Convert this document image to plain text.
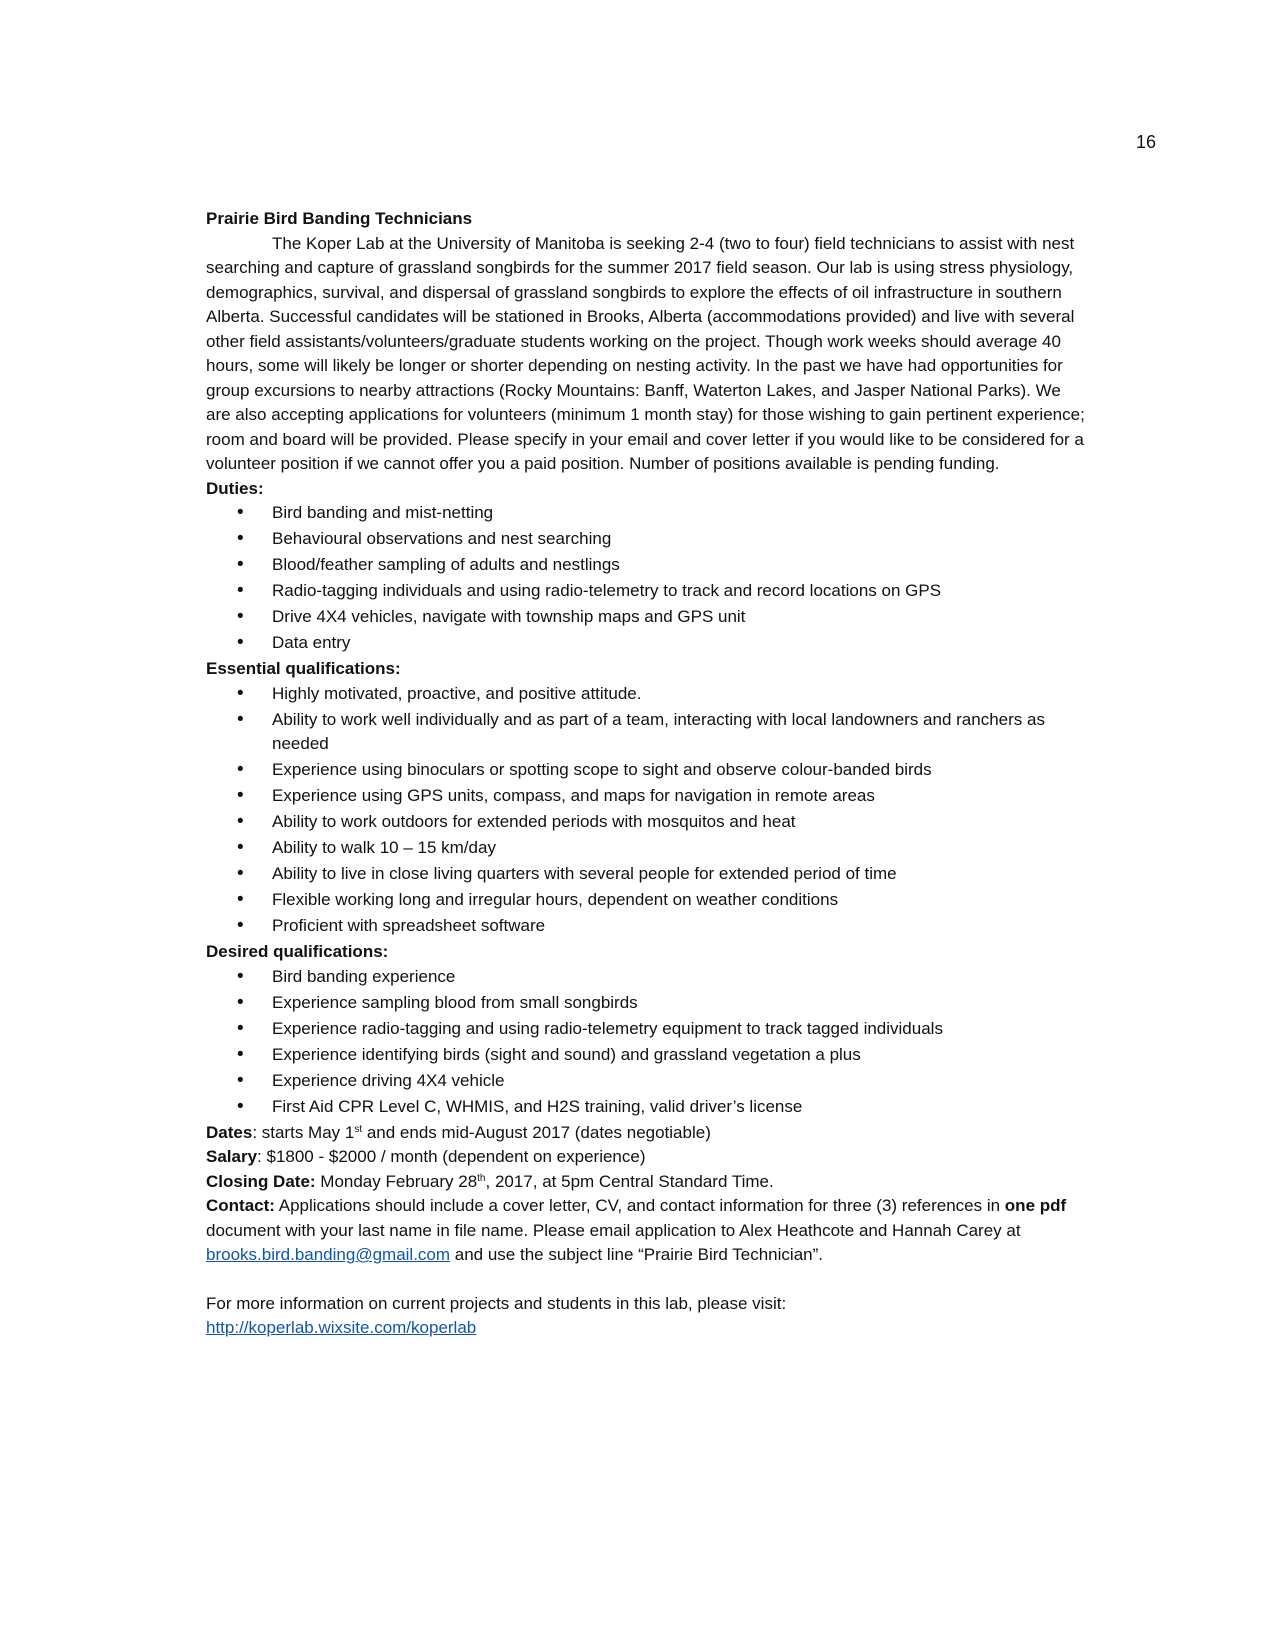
16

Prairie Bird Banding Technicians

The Koper Lab at the University of Manitoba is seeking 2-4 (two to four) field technicians to assist with nest searching and capture of grassland songbirds for the summer 2017 field season. Our lab is using stress physiology, demographics, survival, and dispersal of grassland songbirds to explore the effects of oil infrastructure in southern Alberta. Successful candidates will be stationed in Brooks, Alberta (accommodations provided) and live with several other field assistants/volunteers/graduate students working on the project. Though work weeks should average 40 hours, some will likely be longer or shorter depending on nesting activity. In the past we have had opportunities for group excursions to nearby attractions (Rocky Mountains: Banff, Waterton Lakes, and Jasper National Parks). We are also accepting applications for volunteers (minimum 1 month stay) for those wishing to gain pertinent experience; room and board will be provided. Please specify in your email and cover letter if you would like to be considered for a volunteer position if we cannot offer you a paid position. Number of positions available is pending funding.

Duties:

• Bird banding and mist-netting
• Behavioural observations and nest searching
• Blood/feather sampling of adults and nestlings
• Radio-tagging individuals and using radio-telemetry to track and record locations on GPS
• Drive 4X4 vehicles, navigate with township maps and GPS unit
• Data entry

Essential qualifications:

• Highly motivated, proactive, and positive attitude.
• Ability to work well individually and as part of a team, interacting with local landowners and ranchers as needed
• Experience using binoculars or spotting scope to sight and observe colour-banded birds
• Experience using GPS units, compass, and maps for navigation in remote areas
• Ability to work outdoors for extended periods with mosquitos and heat
• Ability to walk 10 – 15 km/day
• Ability to live in close living quarters with several people for extended period of time
• Flexible working long and irregular hours, dependent on weather conditions
• Proficient with spreadsheet software

Desired qualifications:

• Bird banding experience
• Experience sampling blood from small songbirds
• Experience radio-tagging and using radio-telemetry equipment to track tagged individuals
• Experience identifying birds (sight and sound) and grassland vegetation a plus
• Experience driving 4X4 vehicle
• First Aid CPR Level C, WHMIS, and H2S training, valid driver’s license

Dates: starts May 1st and ends mid-August 2017 (dates negotiable)

Salary: $1800 - $2000 / month (dependent on experience)

Closing Date: Monday February 28th, 2017, at 5pm Central Standard Time.

Contact: Applications should include a cover letter, CV, and contact information for three (3) references in one pdf document with your last name in file name. Please email application to Alex Heathcote and Hannah Carey at brooks.bird.banding@gmail.com and use the subject line “Prairie Bird Technician”.

For more information on current projects and students in this lab, please visit:

http://koperlab.wixsite.com/koperlab
